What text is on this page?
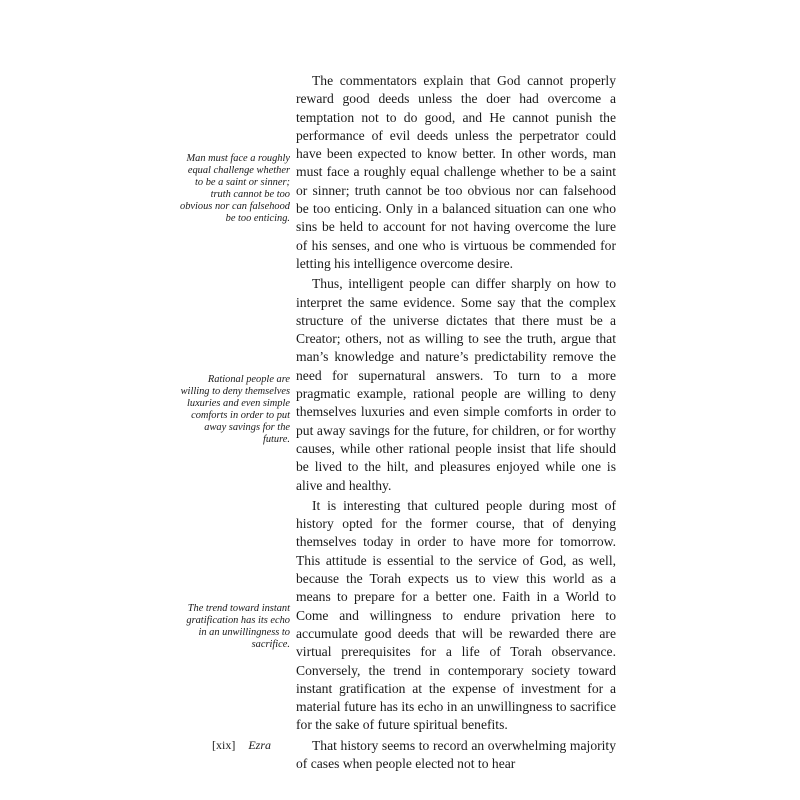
Man must face a roughly equal challenge whether to be a saint or sinner; truth cannot be too obvious nor can falsehood be too enticing.
Rational people are willing to deny themselves luxuries and even simple comforts in order to put away savings for the future.
The trend toward instant gratification has its echo in an unwillingness to sacrifice.

The commentators explain that God cannot properly reward good deeds unless the doer had overcome a temptation not to do good, and He cannot punish the performance of evil deeds unless the perpetrator could have been expected to know better. In other words, man must face a roughly equal challenge whether to be a saint or sinner; truth cannot be too obvious nor can falsehood be too enticing. Only in a balanced situation can one who sins be held to account for not having overcome the lure of his senses, and one who is virtuous be commended for letting his intelligence overcome desire.

Thus, intelligent people can differ sharply on how to interpret the same evidence. Some say that the complex structure of the universe dictates that there must be a Creator; others, not as willing to see the truth, argue that man’s knowledge and nature’s predictability remove the need for supernatural answers. To turn to a more pragmatic example, rational people are willing to deny themselves luxuries and even simple comforts in order to put away savings for the future, for children, or for worthy causes, while other rational people insist that life should be lived to the hilt, and pleasures enjoyed while one is alive and healthy.

It is interesting that cultured people during most of history opted for the former course, that of denying themselves today in order to have more for tomorrow. This attitude is essential to the service of God, as well, because the Torah expects us to view this world as a means to prepare for a better one. Faith in a World to Come and willingness to endure privation here to accumulate good deeds that will be rewarded there are virtual prerequisites for a life of Torah observance. Conversely, the trend in contemporary society toward instant gratification at the expense of investment for a material future has its echo in an unwillingness to sacrifice for the sake of future spiritual benefits.

That history seems to record an overwhelming majority of cases when people elected not to hear

[xix] Ezra
